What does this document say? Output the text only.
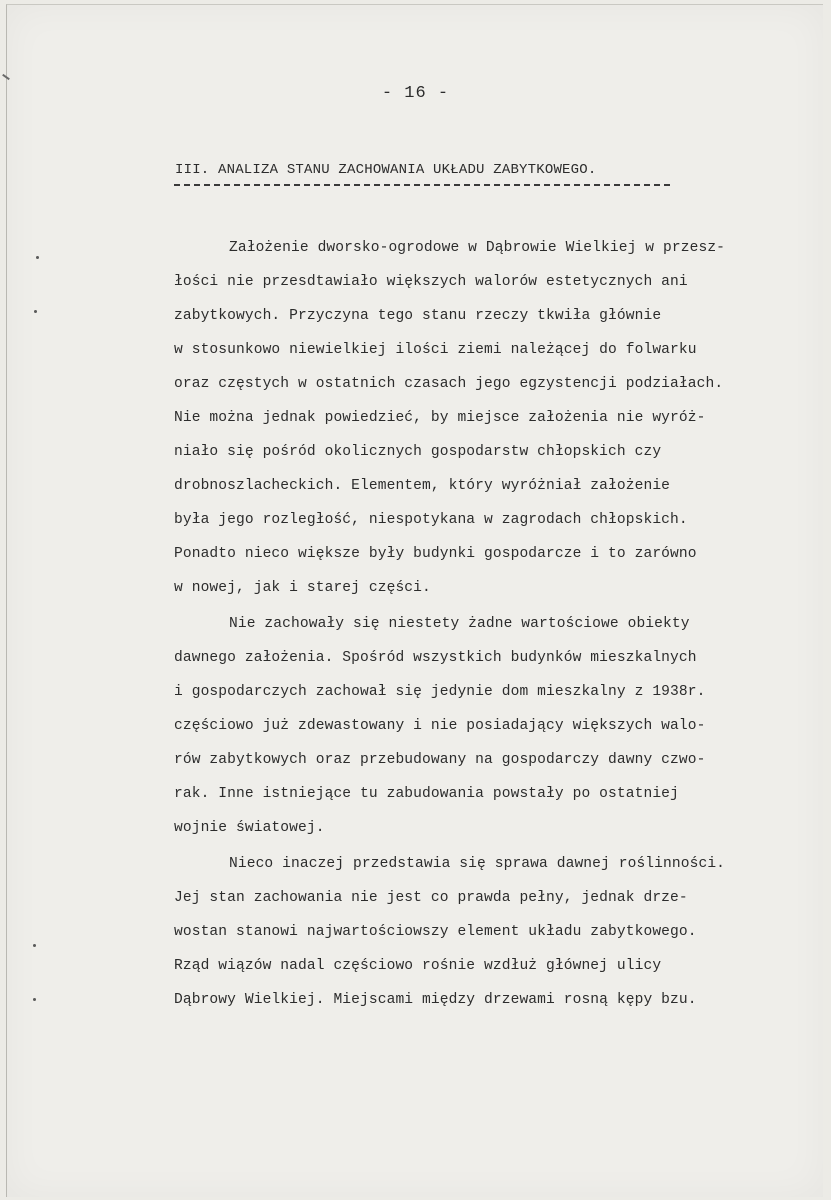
- 16 -
III. ANALIZA STANU ZACHOWANIA UKŁADU ZABYTKOWEGO.
Założenie dworsko-ogrodowe w Dąbrowie Wielkiej w przesz-
łości nie przesdtawiało większych walorów estetycznych ani
zabytkowych. Przyczyna tego stanu rzeczy tkwiła głównie
w stosunkowo niewielkiej ilości ziemi należącej do folwarku
oraz częstych w ostatnich czasach jego egzystencji podziałach.
Nie można jednak powiedzieć, by miejsce założenia nie wyróż-
niało się pośród okolicznych gospodarstw chłopskich czy
drobnoszlacheckich. Elementem, który wyróżniał założenie
była jego rozległość, niespotykana w zagrodach chłopskich.
Ponadto nieco większe były budynki gospodarcze i to zarówno
w nowej, jak i starej części.
Nie zachowały się niestety żadne wartościowe obiekty
dawnego założenia. Spośród wszystkich budynków mieszkalnych
i gospodarczych zachował się jedynie dom mieszkalny z 1938r.
częściowo już zdewastowany i nie posiadający większych walo-
rów zabytkowych oraz przebudowany na gospodarczy dawny czwo-
rak. Inne istniejące tu zabudowania powstały po ostatniej
wojnie światowej.
Nieco inaczej przedstawia się sprawa dawnej roślinności.
Jej stan zachowania nie jest co prawda pełny, jednak drze-
wostan stanowi najwartościowszy element układu zabytkowego.
Rząd wiązów nadal częściowo rośnie wzdłuż głównej ulicy
Dąbrowy Wielkiej. Miejscami między drzewami rosną kępy bzu.
